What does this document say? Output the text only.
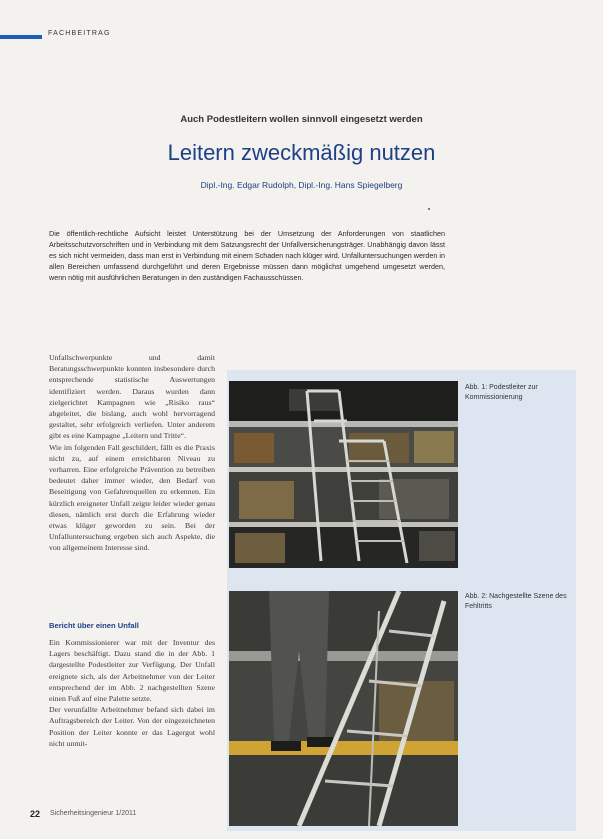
FACHBEITRAG
Auch Podestleitern wollen sinnvoll eingesetzt werden
Leitern zweckmäßig nutzen
Dipl.-Ing. Edgar Rudolph, Dipl.-Ing. Hans Spiegelberg
Die öffentlich-rechtliche Aufsicht leistet Unterstützung bei der Umsetzung der Anforderungen von staatlichen Arbeitsschutzvorschriften und in Verbindung mit dem Satzungsrecht der Unfallversicherungsträger. Unabhängig davon lässt es sich nicht vermeiden, dass man erst in Verbindung mit einem Schaden nach klüger wird. Unfalluntersuchungen werden in allen Bereichen umfassend durchgeführt und deren Ergebnisse müssen dann möglichst umgehend umgesetzt werden, wenn nötig mit ausführlichen Beratungen in den zuständigen Fachausschüssen.

Unfallschwerpunkte und damit Beratungsschwerpunkte konnten insbesondere durch entsprechende statistische Auswertungen identifiziert werden. Daraus wurden dann zielgerichtet Kampagnen wie „Risiko raus“ abgeleitet, die bislang, auch wohl hervorragend gestaltet, sehr erfolgreich verliefen. Unter anderem gibt es eine Kampagne „Leitern und Tritte“.

Wie im folgenden Fall geschildert, fällt es die Praxis nicht zu, auf einem erreichbaren Niveau zu verharren. Eine erfolgreiche Prävention zu betreiben bedeutet daher immer wieder, den Bedarf von Beseitigung von Gefahrenquellen zu erkennen. Ein kürzlich ereigneter Unfall zeigte leider wieder genau diesen, nämlich erst durch die Erfahrung wieder etwas klüger geworden zu sein. Bei der Unfalluntersuchung ergeben sich auch Aspekte, die von allgemeinem Interesse sind.

Bericht über einen Unfall

Ein Kommissionierer war mit der Inventur des Lagers beschäftigt. Dazu stand die in der Abb. 1 dargestellte Podestleiter zur Verfügung. Der Unfall ereignete sich, als der Arbeitnehmer von der Leiter entsprechend der im Abb. 2 nachgestellten Szene einen Fuß auf eine Palette setzte.

Der verunfallte Arbeitnehmer befand sich dabei im Auftragsbereich der Leiter. Von der eingezeichneten Position der Leiter konnte er das Lagergut wohl nicht unmit-

Abb. 1: Podestleiter zur Kommissionierung
Abb. 2: Nachgestellte Szene des Fehltritts
22 Sicherheitsingenieur 1/2011
